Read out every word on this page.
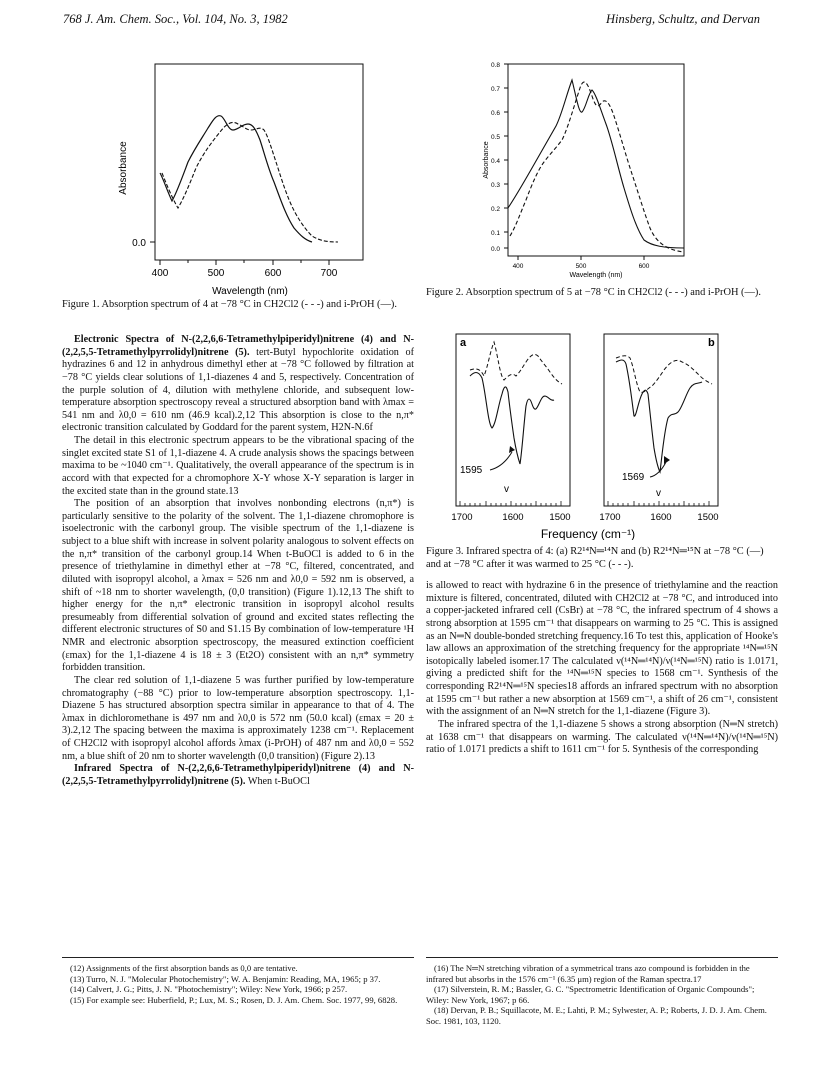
768 J. Am. Chem. Soc., Vol. 104, No. 3, 1982	Hinsberg, Schultz, and Dervan
400	500	600	700
0.0
Wavelength (nm)
Absorbance
Figure 1. Absorption spectrum of 4 at −78 °C in CH2Cl2 (- - -) and i-PrOH (—).
0.0
0.1
0.2
0.3
0.4
0.5
0.6
0.7
0.8
400	500	600
Wavelength (nm)
Absorbance
Figure 2. Absorption spectrum of 5 at −78 °C in CH2Cl2 (- - -) and i-PrOH (—).
a
1595
v
1700	1600	1500
b
1569
v
1700	1600	1500
Frequency (cm⁻¹)
Figure 3. Infrared spectra of 4: (a) R2¹⁴N═¹⁴N and (b) R2¹⁴N═¹⁵N at −78 °C (—) and at −78 °C after it was warmed to 25 °C (- - -).

Electronic Spectra of N-(2,2,6,6-Tetramethylpiperidyl)nitrene (4) and N-(2,2,5,5-Tetramethylpyrrolidyl)nitrene (5). tert-Butyl hypochlorite oxidation of hydrazines 6 and 12 in anhydrous dimethyl ether at −78 °C followed by filtration at −78 °C yields clear solutions of 1,1-diazenes 4 and 5, respectively. Concentration of the purple solution of 4, dilution with methylene chloride, and subsequent low-temperature absorption spectroscopy reveal a structured absorption band with λmax = 541 nm and λ0,0 = 610 nm (46.9 kcal).2,12 This absorption is close to the n,π* electronic transition calculated by Goddard for the parent system, H2N-N.6f

The detail in this electronic spectrum appears to be the vibrational spacing of the singlet excited state S1 of 1,1-diazene 4. A crude analysis shows the spacings between maxima to be ~1040 cm⁻¹. Qualitatively, the overall appearance of the spectrum is in accord with that expected for a chromophore X-Y whose X-Y separation is larger in the excited state than in the ground state.13

The position of an absorption that involves nonbonding electrons (n,π*) is particularly sensitive to the polarity of the solvent. The 1,1-diazene chromophore is isoelectronic with the carbonyl group. The visible spectrum of the 1,1-diazene is subject to a blue shift with increase in solvent polarity analogous to solvent effects on the n,π* transition of the carbonyl group.14 When t-BuOCl is added to 6 in the presence of triethylamine in dimethyl ether at −78 °C, filtered, concentrated, and diluted with isopropyl alcohol, a λmax = 526 nm and λ0,0 = 592 nm is observed, a shift of ~18 nm to shorter wavelength, (0,0 transition) (Figure 1).12,13 The shift to higher energy for the n,π* electronic transition in isopropyl alcohol results presumeably from differential solvation of ground and excited states reflecting the different electronic structures of S0 and S1.15 By combination of low-temperature ¹H NMR and electronic absorption spectroscopy, the measured extinction coefficient (εmax) for the 1,1-diazene 4 is 18 ± 3 (Et2O) consistent with an n,π* symmetry forbidden transition.

The clear red solution of 1,1-diazene 5 was further purified by low-temperature chromatography (−88 °C) prior to low-temperature absorption spectroscopy. 1,1-Diazene 5 has structured absorption spectra similar in appearance to that of 4. The λmax in dichloromethane is 497 nm and λ0,0 is 572 nm (50.0 kcal) (εmax = 20 ± 3).2,12 The spacing between the maxima is approximately 1238 cm⁻¹. Replacement of CH2Cl2 with isopropyl alcohol affords λmax (i-PrOH) of 487 nm and λ0,0 = 552 nm, a blue shift of 20 nm to shorter wavelength (0,0 transition) (Figure 2).13

Infrared Spectra of N-(2,2,6,6-Tetramethylpiperidyl)nitrene (4) and N-(2,2,5,5-Tetramethylpyrrolidyl)nitrene (5). When t-BuOCl

is allowed to react with hydrazine 6 in the presence of triethylamine and the reaction mixture is filtered, concentrated, diluted with CH2Cl2 at −78 °C, and introduced into a copper-jacketed infrared cell (CsBr) at −78 °C, the infrared spectrum of 4 shows a strong absorption at 1595 cm⁻¹ that disappears on warming to 25 °C. This is assigned as an N═N double-bonded stretching frequency.16 To test this, application of Hooke's law allows an approximation of the stretching frequency for the appropriate ¹⁴N═¹⁵N isotopically labeled isomer.17 The calculated ν(¹⁴N═¹⁴N)/ν(¹⁴N═¹⁵N) ratio is 1.0171, giving a predicted shift for the ¹⁴N═¹⁵N species to 1568 cm⁻¹. Synthesis of the corresponding R2¹⁴N═¹⁵N species18 affords an infrared spectrum with no absorption at 1595 cm⁻¹ but rather a new absorption at 1569 cm⁻¹, a shift of 26 cm⁻¹, consistent with the assignment of an N═N stretch for the 1,1-diazene (Figure 3).

The infrared spectra of the 1,1-diazene 5 shows a strong absorption (N═N stretch) at 1638 cm⁻¹ that disappears on warming. The calculated ν(¹⁴N═¹⁴N)/ν(¹⁴N═¹⁵N) ratio of 1.0171 predicts a shift to 1611 cm⁻¹ for 5. Synthesis of the corresponding

(12) Assignments of the first absorption bands as 0,0 are tentative.

(13) Turro, N. J. "Molecular Photochemistry"; W. A. Benjamin: Reading, MA, 1965; p 37.

(14) Calvert, J. G.; Pitts, J. N. "Photochemistry"; Wiley: New York, 1966; p 257.

(15) For example see: Huberfield, P.; Lux, M. S.; Rosen, D. J. Am. Chem. Soc. 1977, 99, 6828.

(16) The N═N stretching vibration of a symmetrical trans azo compound is forbidden in the infrared but absorbs in the 1576 cm⁻¹ (6.35 μm) region of the Raman spectra.17

(17) Silverstein, R. M.; Bassler, G. C. "Spectrometric Identification of Organic Compounds"; Wiley: New York, 1967; p 66.

(18) Dervan, P. B.; Squillacote, M. E.; Lahti, P. M.; Sylwester, A. P.; Roberts, J. D. J. Am. Chem. Soc. 1981, 103, 1120.
